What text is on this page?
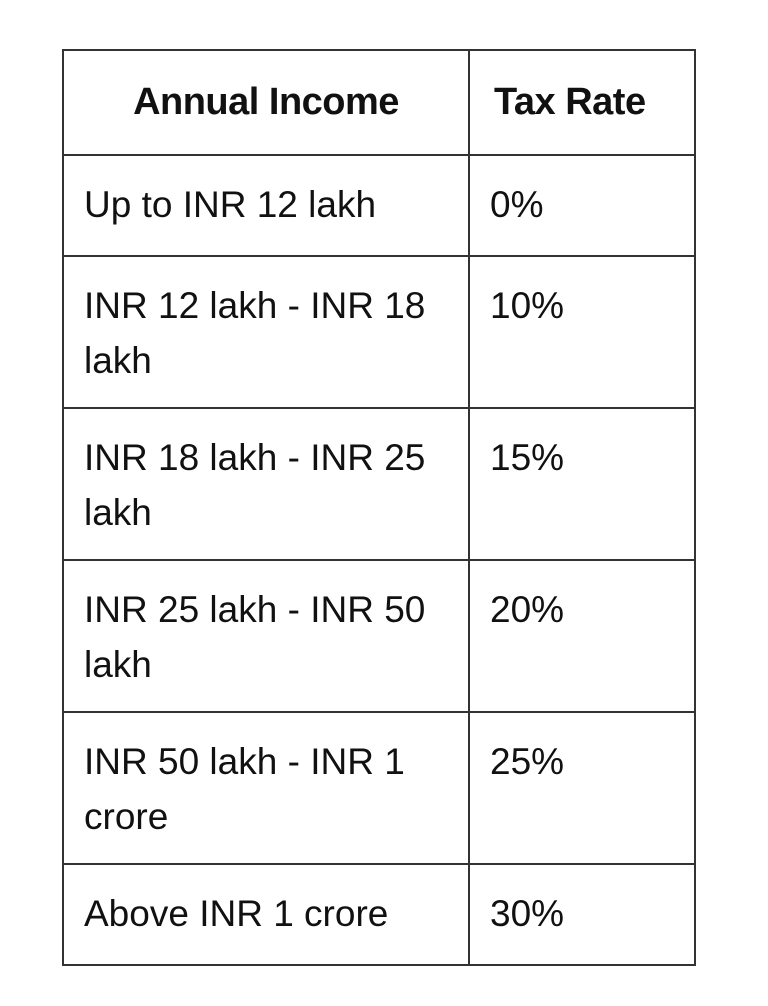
Annual Income	Tax Rate
Up to INR 12 lakh	0%
INR 12 lakh - INR 18 lakh	10%
INR 18 lakh - INR 25 lakh	15%
INR 25 lakh - INR 50 lakh	20%
INR 50 lakh - INR 1 crore	25%
Above INR 1 crore	30%
